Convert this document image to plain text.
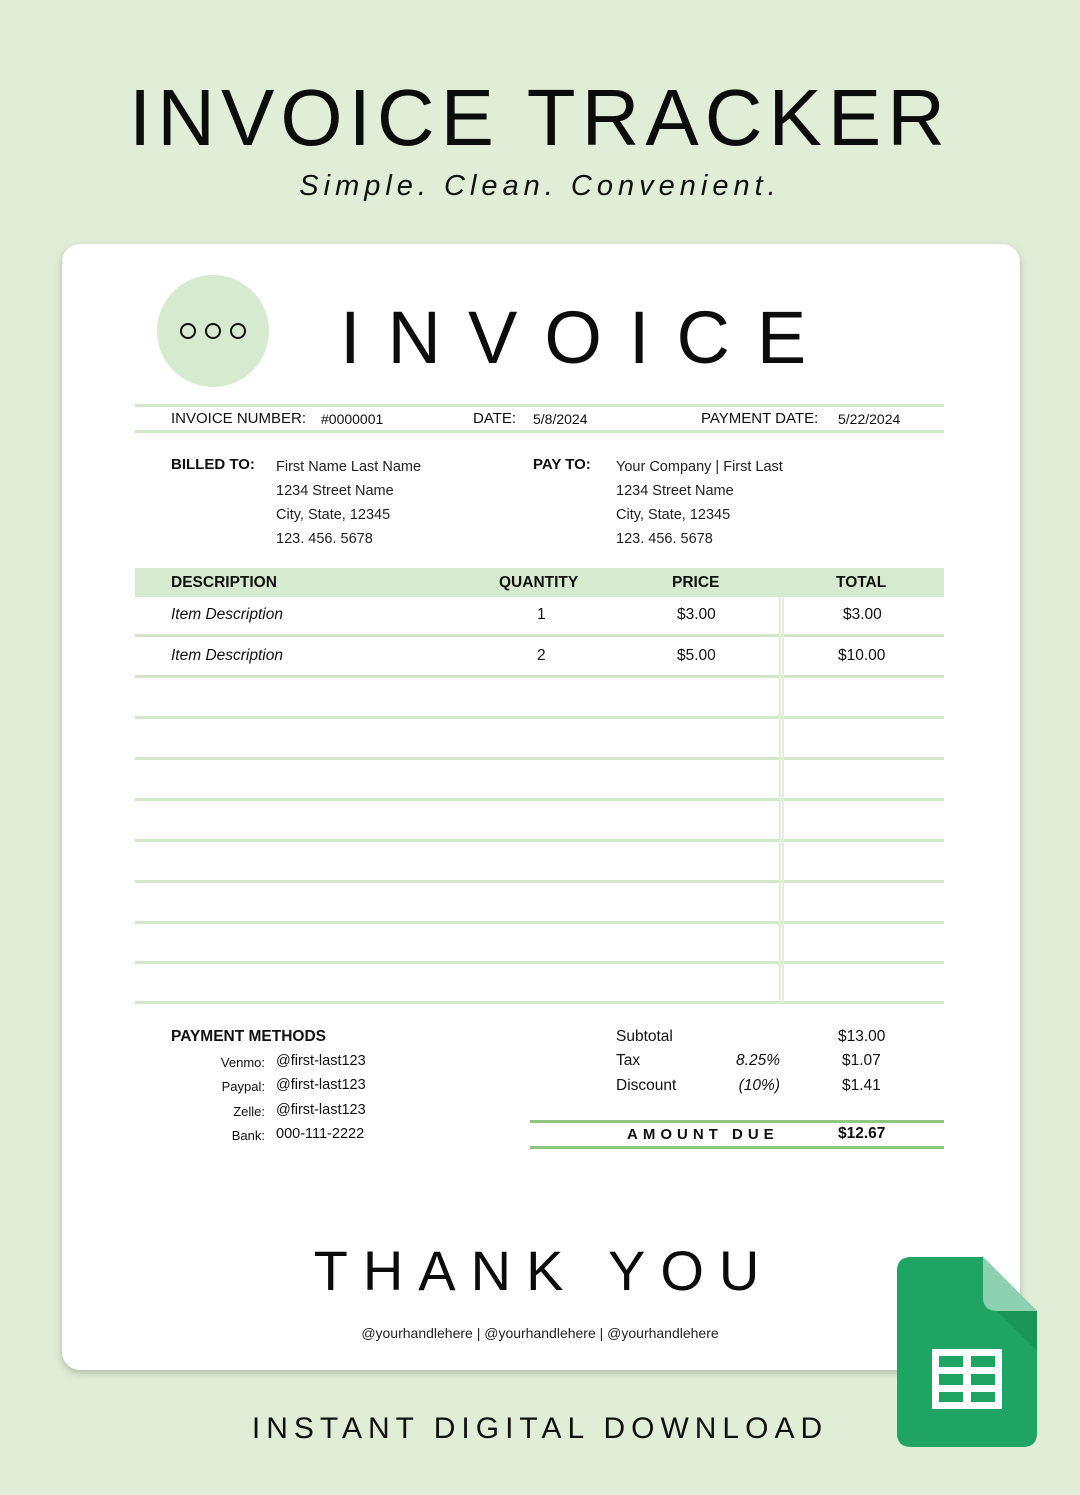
INVOICE TRACKER
Simple. Clean. Convenient.
INVOICE
INVOICE NUMBER: #0000001	DATE: 5/8/2024	PAYMENT DATE: 5/22/2024
BILLED TO: First Name Last Name
1234 Street Name
City, State, 12345
123. 456. 5678
PAY TO: Your Company | First Last
1234 Street Name
City, State, 12345
123. 456. 5678
DESCRIPTION	QUANTITY	PRICE	TOTAL
Item Description	1	$3.00	$3.00
Item Description	2	$5.00	$10.00
PAYMENT METHODS
Venmo: @first-last123
Paypal: @first-last123
Zelle: @first-last123
Bank: 000-111-2222
Subtotal	$13.00
Tax	8.25%	$1.07
Discount	(10%)	$1.41
AMOUNT DUE	$12.67
THANK YOU
@yourhandlehere | @yourhandlehere | @yourhandlehere
INSTANT DIGITAL DOWNLOAD
